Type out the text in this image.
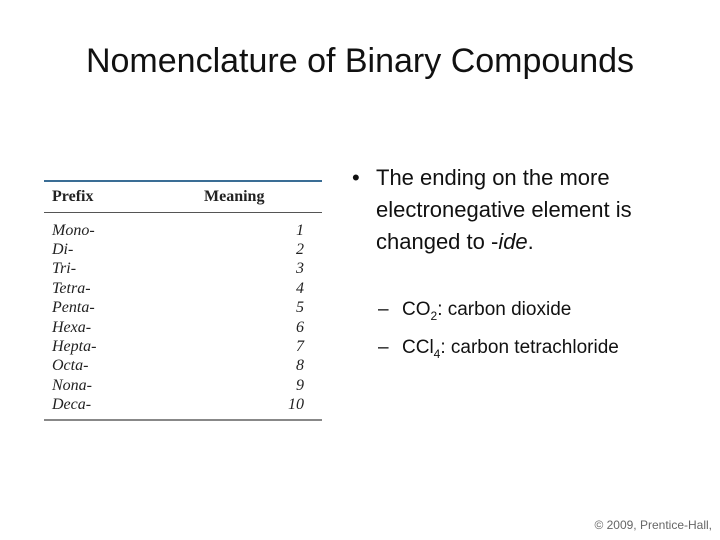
Nomenclature of Binary Compounds
Prefix	Meaning
Mono-	1
Di-	2
Tri-	3
Tetra-	4
Penta-	5
Hexa-	6
Hepta-	7
Octa-	8
Nona-	9
Deca-	10
• The ending on the more electronegative element is changed to -ide.
– $CO_2$: carbon dioxide
– CCl$_4$: carbon tetrachloride
© 2009, Prentice-Hall,
